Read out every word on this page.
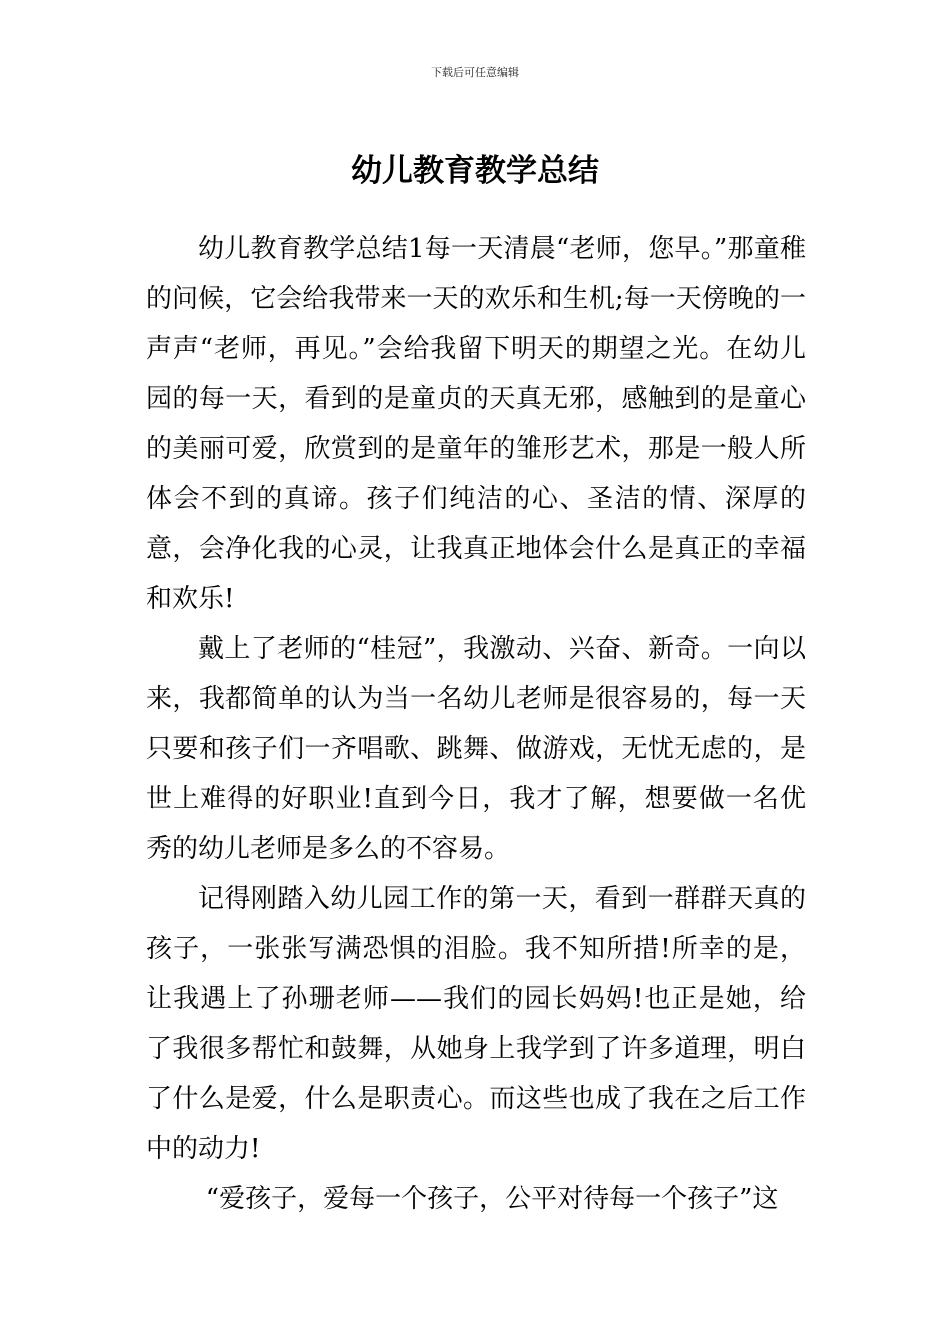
下载后可任意编辑
幼儿教育教学总结

幼儿教育教学总结1每一天清晨“老师，您早。”那童稚的问候，它会给我带来一天的欢乐和生机;每一天傍晚的一声声“老师，再见。”会给我留下明天的期望之光。在幼儿园的每一天，看到的是童贞的天真无邪，感触到的是童心的美丽可爱，欣赏到的是童年的雏形艺术，那是一般人所体会不到的真谛。孩子们纯洁的心、圣洁的情、深厚的意，会净化我的心灵，让我真正地体会什么是真正的幸福和欢乐!

戴上了老师的“桂冠”，我激动、兴奋、新奇。一向以来，我都简单的认为当一名幼儿老师是很容易的，每一天只要和孩子们一齐唱歌、跳舞、做游戏，无忧无虑的，是世上难得的好职业!直到今日，我才了解，想要做一名优秀的幼儿老师是多么的不容易。

记得刚踏入幼儿园工作的第一天，看到一群群天真的孩子，一张张写满恐惧的泪脸。我不知所措!所幸的是，让我遇上了孙珊老师——我们的园长妈妈!也正是她，给了我很多帮忙和鼓舞，从她身上我学到了许多道理，明白了什么是爱，什么是职责心。而这些也成了我在之后工作中的动力!

“爱孩子，爱每一个孩子，公平对待每一个孩子”这
